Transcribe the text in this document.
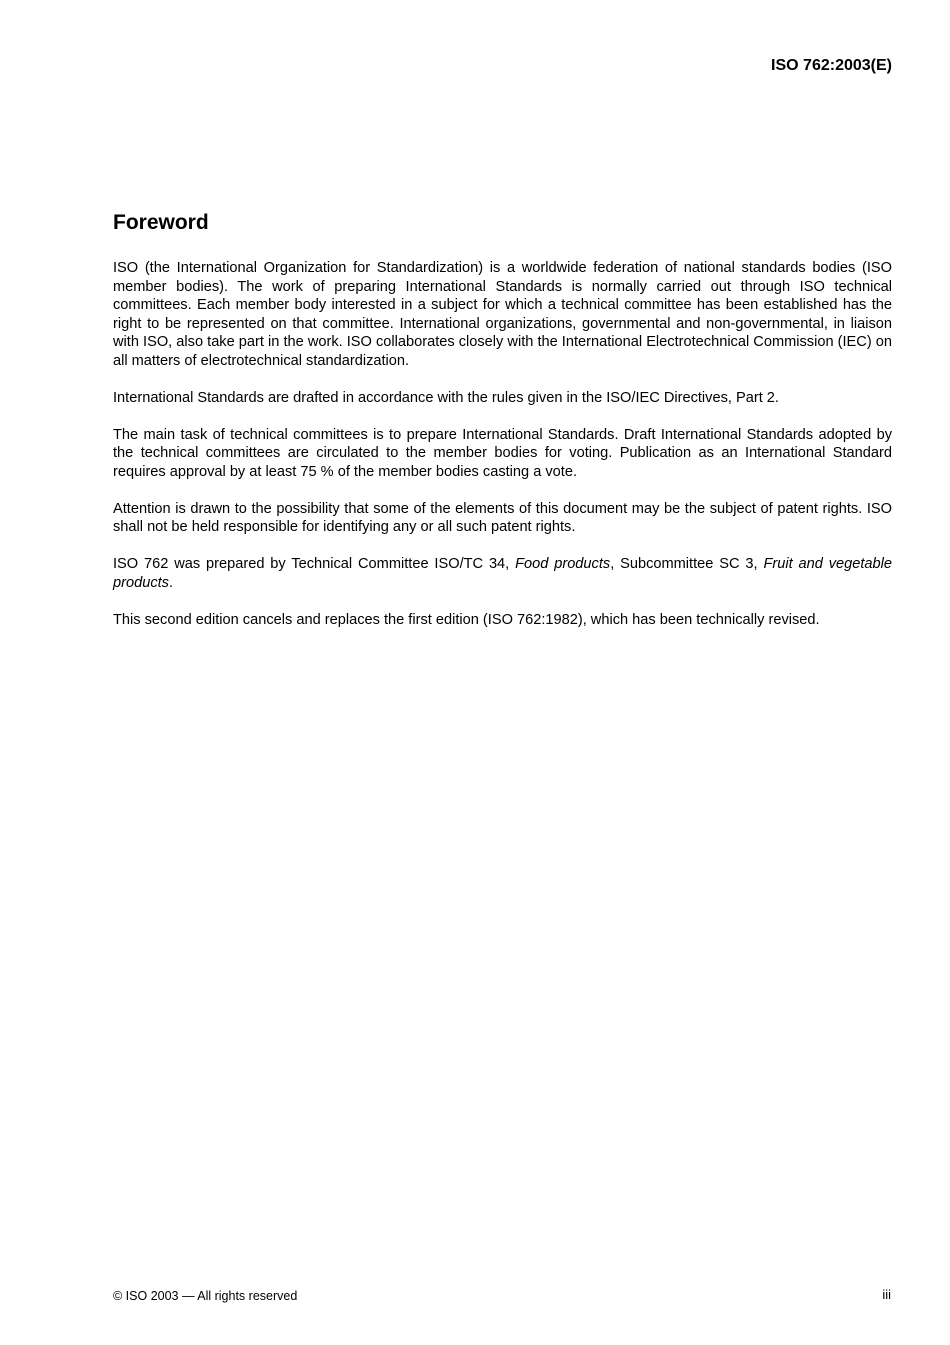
ISO 762:2003(E)
Foreword

ISO (the International Organization for Standardization) is a worldwide federation of national standards bodies (ISO member bodies). The work of preparing International Standards is normally carried out through ISO technical committees. Each member body interested in a subject for which a technical committee has been established has the right to be represented on that committee. International organizations, governmental and non-governmental, in liaison with ISO, also take part in the work. ISO collaborates closely with the International Electrotechnical Commission (IEC) on all matters of electrotechnical standardization.

International Standards are drafted in accordance with the rules given in the ISO/IEC Directives, Part 2.

The main task of technical committees is to prepare International Standards. Draft International Standards adopted by the technical committees are circulated to the member bodies for voting. Publication as an International Standard requires approval by at least 75 % of the member bodies casting a vote.

Attention is drawn to the possibility that some of the elements of this document may be the subject of patent rights. ISO shall not be held responsible for identifying any or all such patent rights.

ISO 762 was prepared by Technical Committee ISO/TC 34, Food products, Subcommittee SC 3, Fruit and vegetable products.

This second edition cancels and replaces the first edition (ISO 762:1982), which has been technically revised.

© ISO 2003 — All rights reserved	iii
